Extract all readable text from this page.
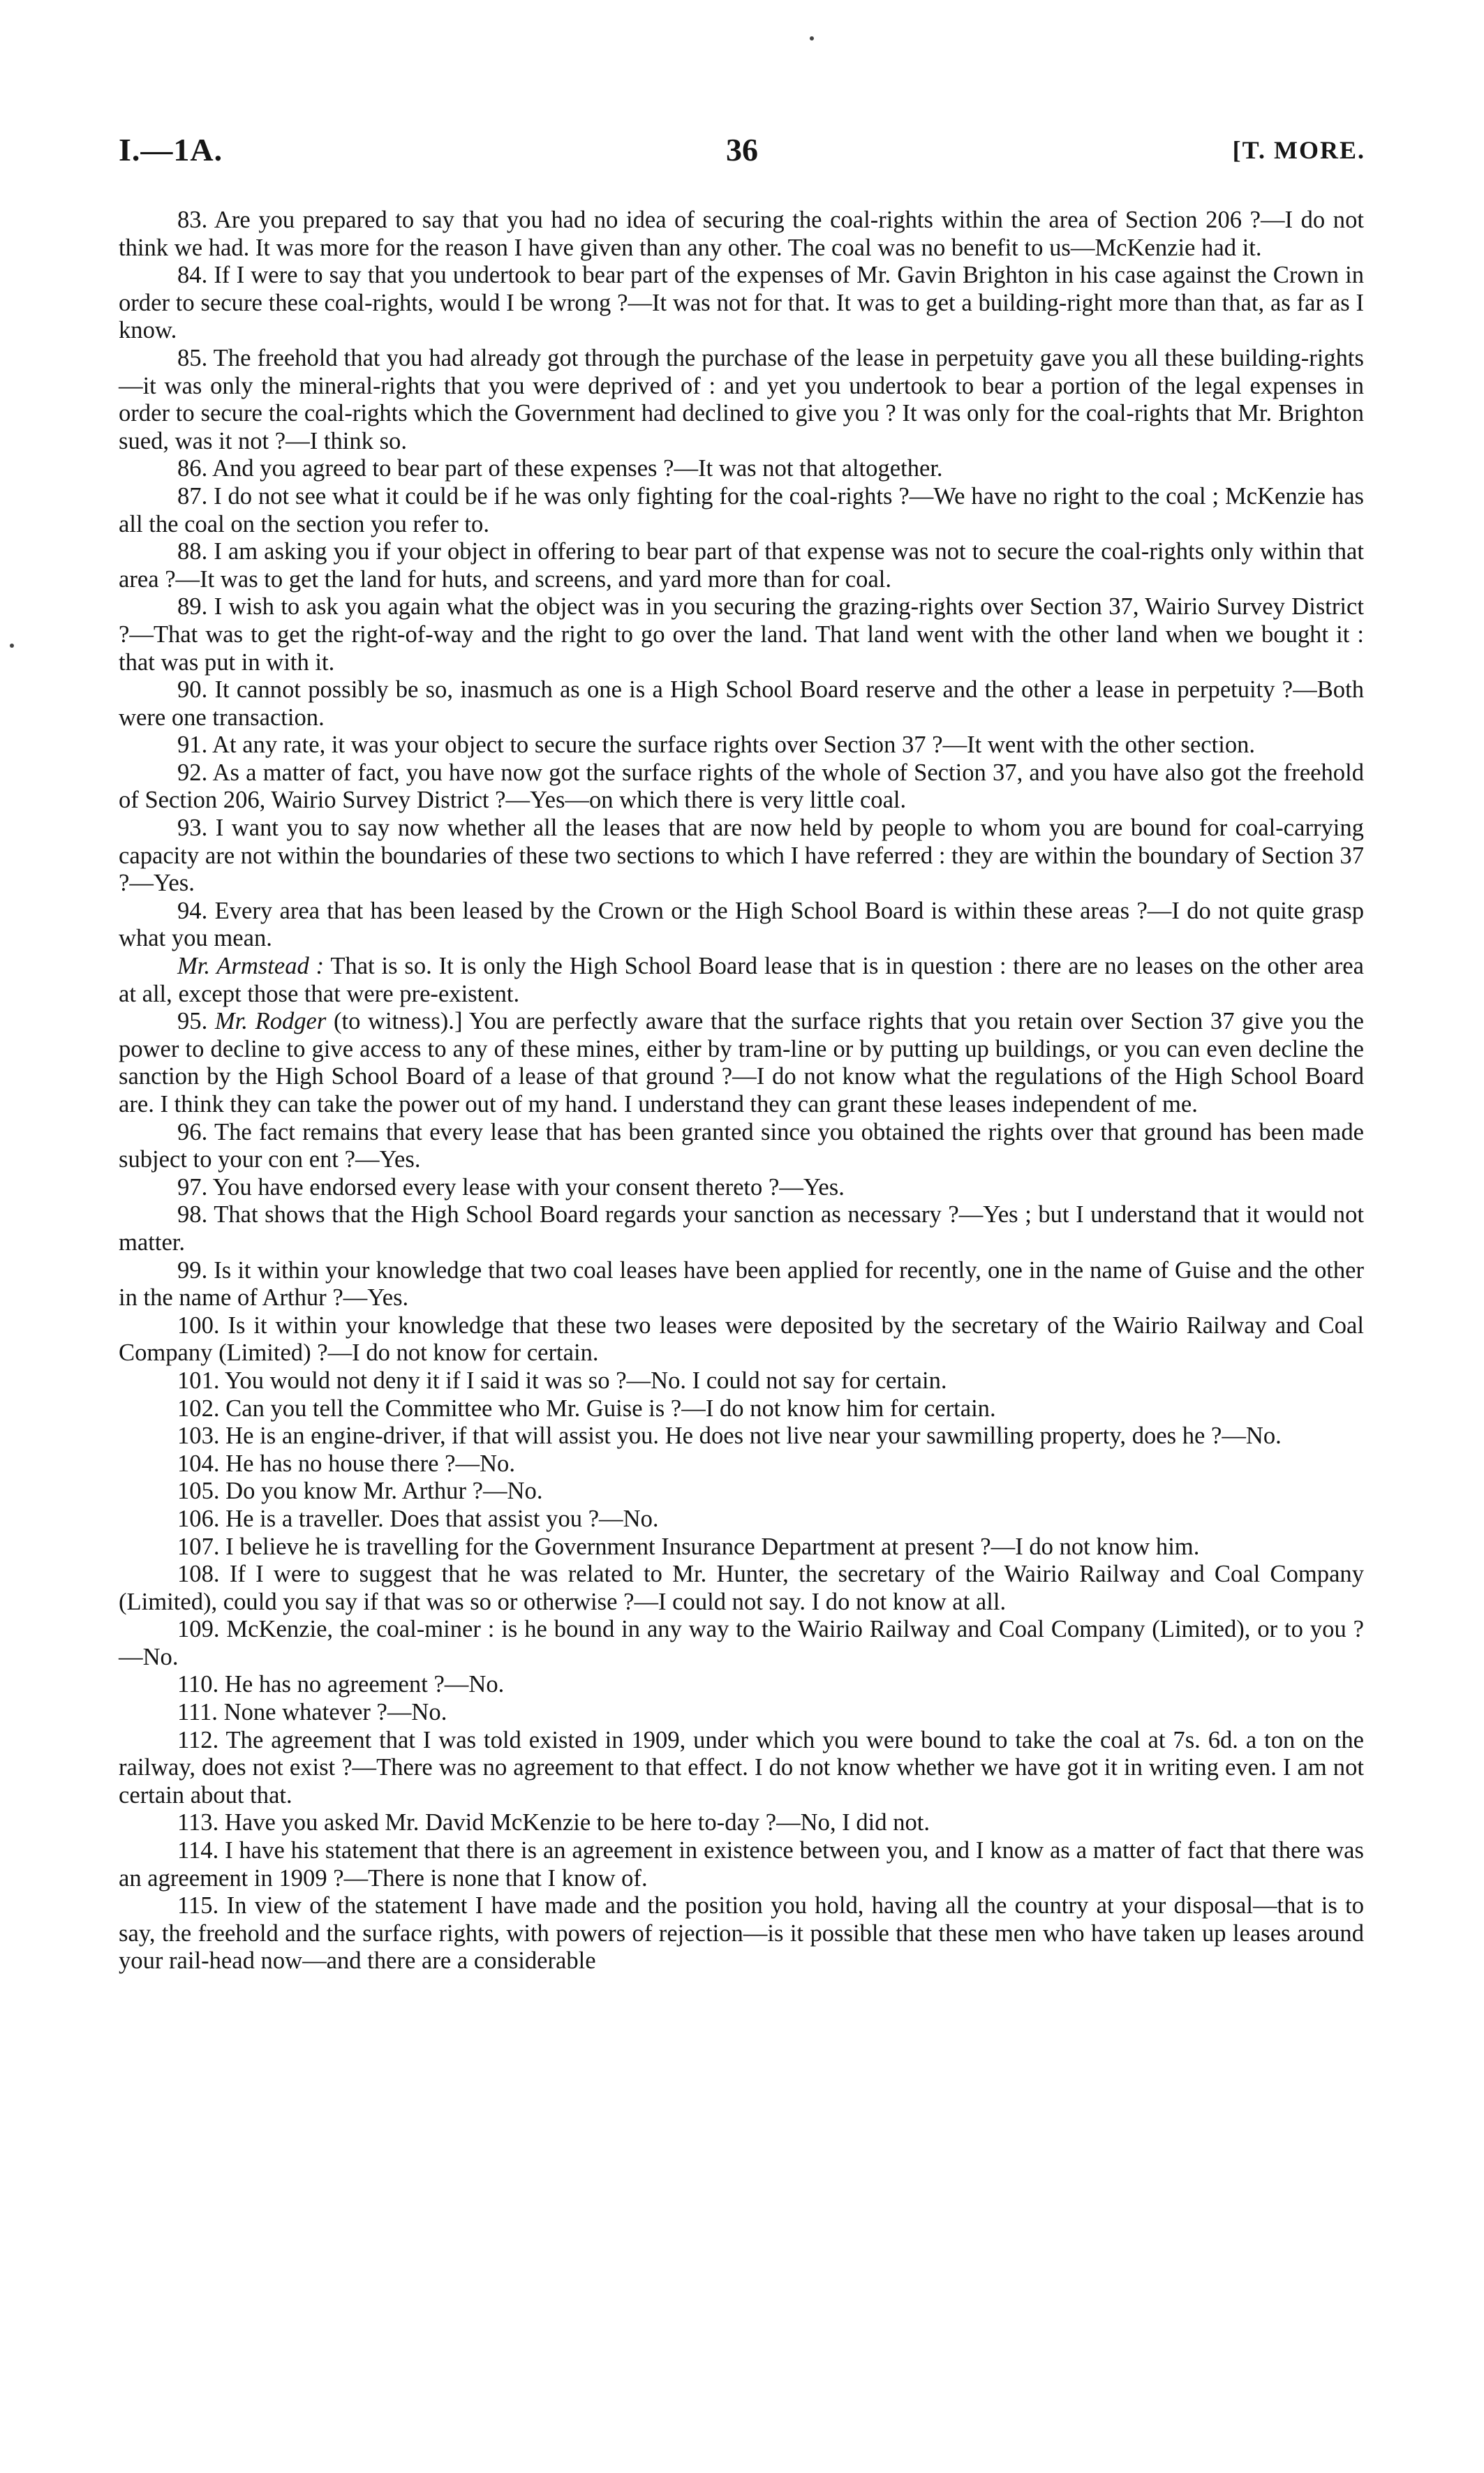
I.—1A.	36	[T. MORE.

83. Are you prepared to say that you had no idea of securing the coal-rights within the area of Section 206 ?—I do not think we had. It was more for the reason I have given than any other. The coal was no benefit to us—McKenzie had it.

84. If I were to say that you undertook to bear part of the expenses of Mr. Gavin Brighton in his case against the Crown in order to secure these coal-rights, would I be wrong ?—It was not for that. It was to get a building-right more than that, as far as I know.

85. The freehold that you had already got through the purchase of the lease in perpetuity gave you all these building-rights—it was only the mineral-rights that you were deprived of : and yet you undertook to bear a portion of the legal expenses in order to secure the coal-rights which the Government had declined to give you ? It was only for the coal-rights that Mr. Brighton sued, was it not ?—I think so.

86. And you agreed to bear part of these expenses ?—It was not that altogether.

87. I do not see what it could be if he was only fighting for the coal-rights ?—We have no right to the coal ; McKenzie has all the coal on the section you refer to.

88. I am asking you if your object in offering to bear part of that expense was not to secure the coal-rights only within that area ?—It was to get the land for huts, and screens, and yard more than for coal.

89. I wish to ask you again what the object was in you securing the grazing-rights over Section 37, Wairio Survey District ?—That was to get the right-of-way and the right to go over the land. That land went with the other land when we bought it : that was put in with it.

90. It cannot possibly be so, inasmuch as one is a High School Board reserve and the other a lease in perpetuity ?—Both were one transaction.

91. At any rate, it was your object to secure the surface rights over Section 37 ?—It went with the other section.

92. As a matter of fact, you have now got the surface rights of the whole of Section 37, and you have also got the freehold of Section 206, Wairio Survey District ?—Yes—on which there is very little coal.

93. I want you to say now whether all the leases that are now held by people to whom you are bound for coal-carrying capacity are not within the boundaries of these two sections to which I have referred : they are within the boundary of Section 37 ?—Yes.

94. Every area that has been leased by the Crown or the High School Board is within these areas ?—I do not quite grasp what you mean.

Mr. Armstead : That is so. It is only the High School Board lease that is in question : there are no leases on the other area at all, except those that were pre-existent.

95. Mr. Rodger (to witness).] You are perfectly aware that the surface rights that you retain over Section 37 give you the power to decline to give access to any of these mines, either by tram-line or by putting up buildings, or you can even decline the sanction by the High School Board of a lease of that ground ?—I do not know what the regulations of the High School Board are. I think they can take the power out of my hand. I understand they can grant these leases independent of me.

96. The fact remains that every lease that has been granted since you obtained the rights over that ground has been made subject to your con ent ?—Yes.

97. You have endorsed every lease with your consent thereto ?—Yes.

98. That shows that the High School Board regards your sanction as necessary ?—Yes ; but I understand that it would not matter.

99. Is it within your knowledge that two coal leases have been applied for recently, one in the name of Guise and the other in the name of Arthur ?—Yes.

100. Is it within your knowledge that these two leases were deposited by the secretary of the Wairio Railway and Coal Company (Limited) ?—I do not know for certain.

101. You would not deny it if I said it was so ?—No. I could not say for certain.

102. Can you tell the Committee who Mr. Guise is ?—I do not know him for certain.

103. He is an engine-driver, if that will assist you. He does not live near your sawmilling property, does he ?—No.

104. He has no house there ?—No.

105. Do you know Mr. Arthur ?—No.

106. He is a traveller. Does that assist you ?—No.

107. I believe he is travelling for the Government Insurance Department at present ?—I do not know him.

108. If I were to suggest that he was related to Mr. Hunter, the secretary of the Wairio Railway and Coal Company (Limited), could you say if that was so or otherwise ?—I could not say. I do not know at all.

109. McKenzie, the coal-miner : is he bound in any way to the Wairio Railway and Coal Company (Limited), or to you ?—No.

110. He has no agreement ?—No.

111. None whatever ?—No.

112. The agreement that I was told existed in 1909, under which you were bound to take the coal at 7s. 6d. a ton on the railway, does not exist ?—There was no agreement to that effect. I do not know whether we have got it in writing even. I am not certain about that.

113. Have you asked Mr. David McKenzie to be here to-day ?—No, I did not.

114. I have his statement that there is an agreement in existence between you, and I know as a matter of fact that there was an agreement in 1909 ?—There is none that I know of.

115. In view of the statement I have made and the position you hold, having all the country at your disposal—that is to say, the freehold and the surface rights, with powers of rejection—is it possible that these men who have taken up leases around your rail-head now—and there are a considerable
